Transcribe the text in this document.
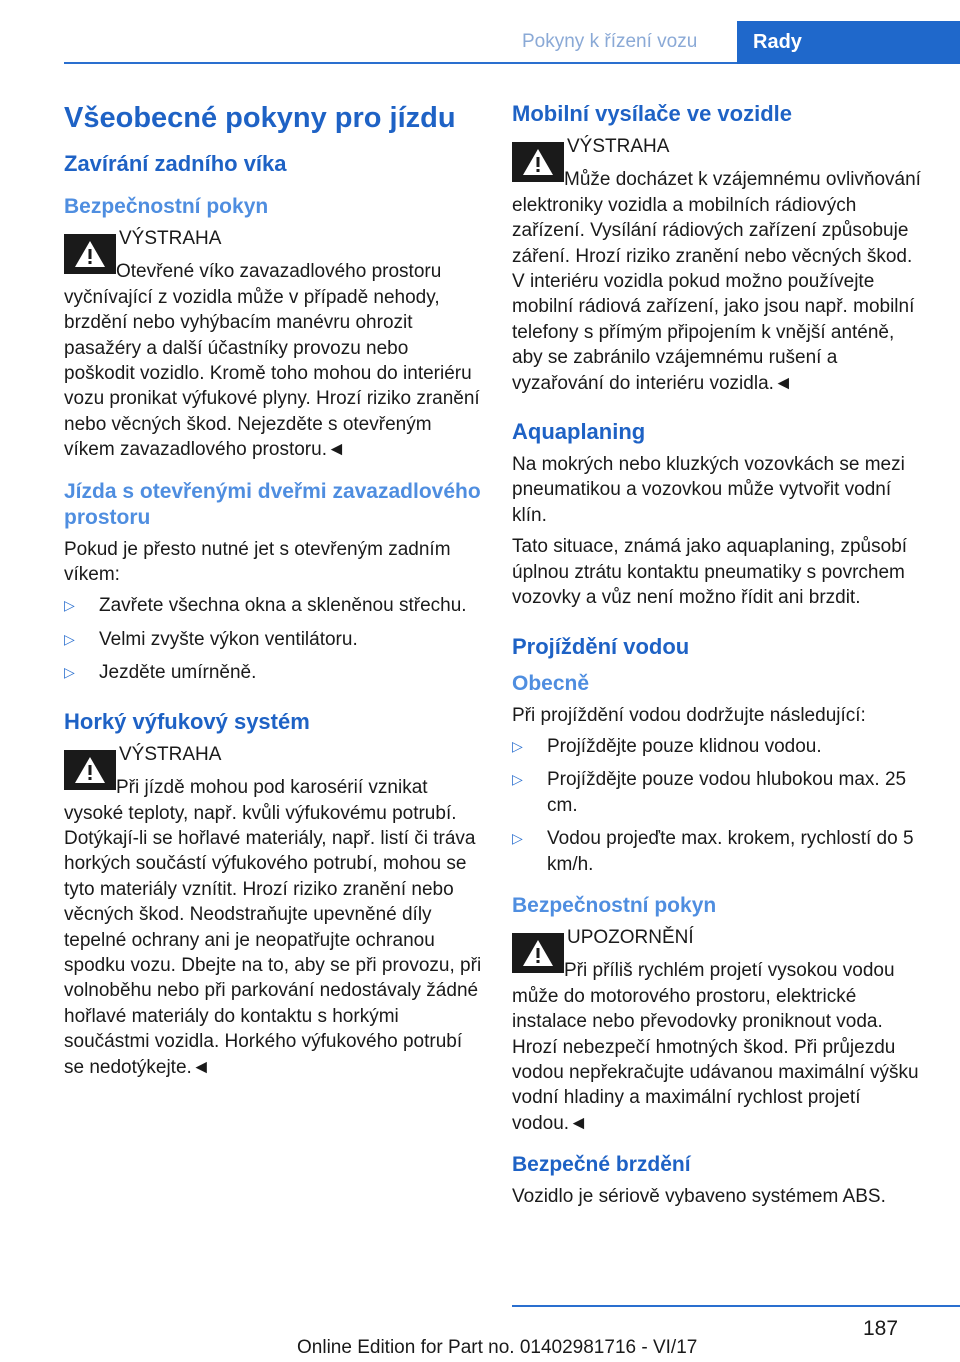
Pokyny k řízení vozu	Rady
Všeobecné pokyny pro jízdu
Zavírání zadního víka
Bezpečnostní pokyn
VÝSTRAHA

Otevřené víko zavazadlového prostoru vyčnívající z vozidla může v případě nehody, brzdění nebo vyhýbacím manévru ohrozit pasažéry a další účastníky provozu nebo poškodit vozidlo. Kromě toho mohou do interiéru vozu pronikat výfukové plyny. Hrozí riziko zranění nebo věcných škod. Nejezděte s otevřeným víkem zavazadlového prostoru.◄

Jízda s otevřenými dveřmi zavazadlového prostoru

Pokud je přesto nutné jet s otevřeným zadním víkem:

▷ Zavřete všechna okna a skleněnou střechu.
▷ Velmi zvyšte výkon ventilátoru.
▷ Jezděte umírněně.
Horký výfukový systém
VÝSTRAHA

Při jízdě mohou pod karosérií vznikat vysoké teploty, např. kvůli výfukovému potrubí. Dotýkají-li se hořlavé materiály, např. listí či tráva horkých součástí výfukového potrubí, mohou se tyto materiály vznítit. Hrozí riziko zranění nebo věcných škod. Neodstraňujte upevněné díly tepelné ochrany ani je neopatřujte ochranou spodku vozu. Dbejte na to, aby se při provozu, při volnoběhu nebo při parkování nedostávaly žádné hořlavé materiály do kontaktu s horkými součástmi vozidla. Horkého výfukového potrubí se nedotýkejte.◄

Mobilní vysílače ve vozidle
VÝSTRAHA

Může docházet k vzájemnému ovlivňování elektroniky vozidla a mobilních rádiových zařízení. Vysílání rádiových zařízení způsobuje záření. Hrozí riziko zranění nebo věcných škod. V interiéru vozidla pokud možno používejte mobilní rádiová zařízení, jako jsou např. mobilní telefony s přímým připojením k vnější anténě, aby se zabránilo vzájemnému rušení a vyzařování do interiéru vozidla.◄

Aquaplaning

Na mokrých nebo kluzkých vozovkách se mezi pneumatikou a vozovkou může vytvořit vodní klín.

Tato situace, známá jako aquaplaning, způsobí úplnou ztrátu kontaktu pneumatiky s povrchem vozovky a vůz není možno řídit ani brzdit.

Projíždění vodou
Obecně

Při projíždění vodou dodržujte následující:

▷ Projíždějte pouze klidnou vodou.
▷ Projíždějte pouze vodou hlubokou max. 25 cm.
▷ Vodou projeďte max. krokem, rychlostí do 5 km/h.
Bezpečnostní pokyn
UPOZORNĚNÍ

Při příliš rychlém projetí vysokou vodou může do motorového prostoru, elektrické instalace nebo převodovky proniknout voda. Hrozí nebezpečí hmotných škod. Při průjezdu vodou nepřekračujte udávanou maximální výšku vodní hladiny a maximální rychlost projetí vodou.◄

Bezpečné brzdění

Vozidlo je sériově vybaveno systémem ABS.

187
Online Edition for Part no. 01402981716 - VI/17
